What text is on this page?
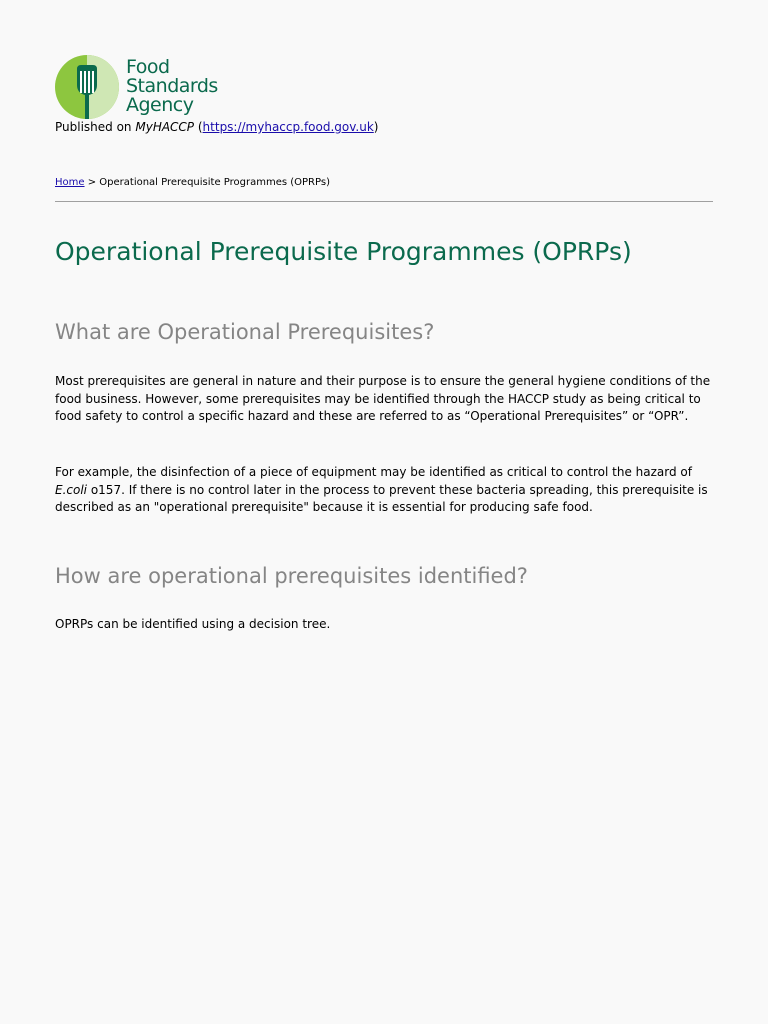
Food
Standards
Agency
Published on MyHACCP (https://myhaccp.food.gov.uk)
Home > Operational Prerequisite Programmes (OPRPs)
Operational Prerequisite Programmes (OPRPs)
What are Operational Prerequisites?

Most prerequisites are general in nature and their purpose is to ensure the general hygiene conditions of the food business. However, some prerequisites may be identified through the HACCP study as being critical to food safety to control a specific hazard and these are referred to as “Operational Prerequisites” or “OPR”.

For example, the disinfection of a piece of equipment may be identified as critical to control the hazard of E.coli o157. If there is no control later in the process to prevent these bacteria spreading, this prerequisite is described as an "operational prerequisite" because it is essential for producing safe food.

How are operational prerequisites identified?

OPRPs can be identified using a decision tree.
